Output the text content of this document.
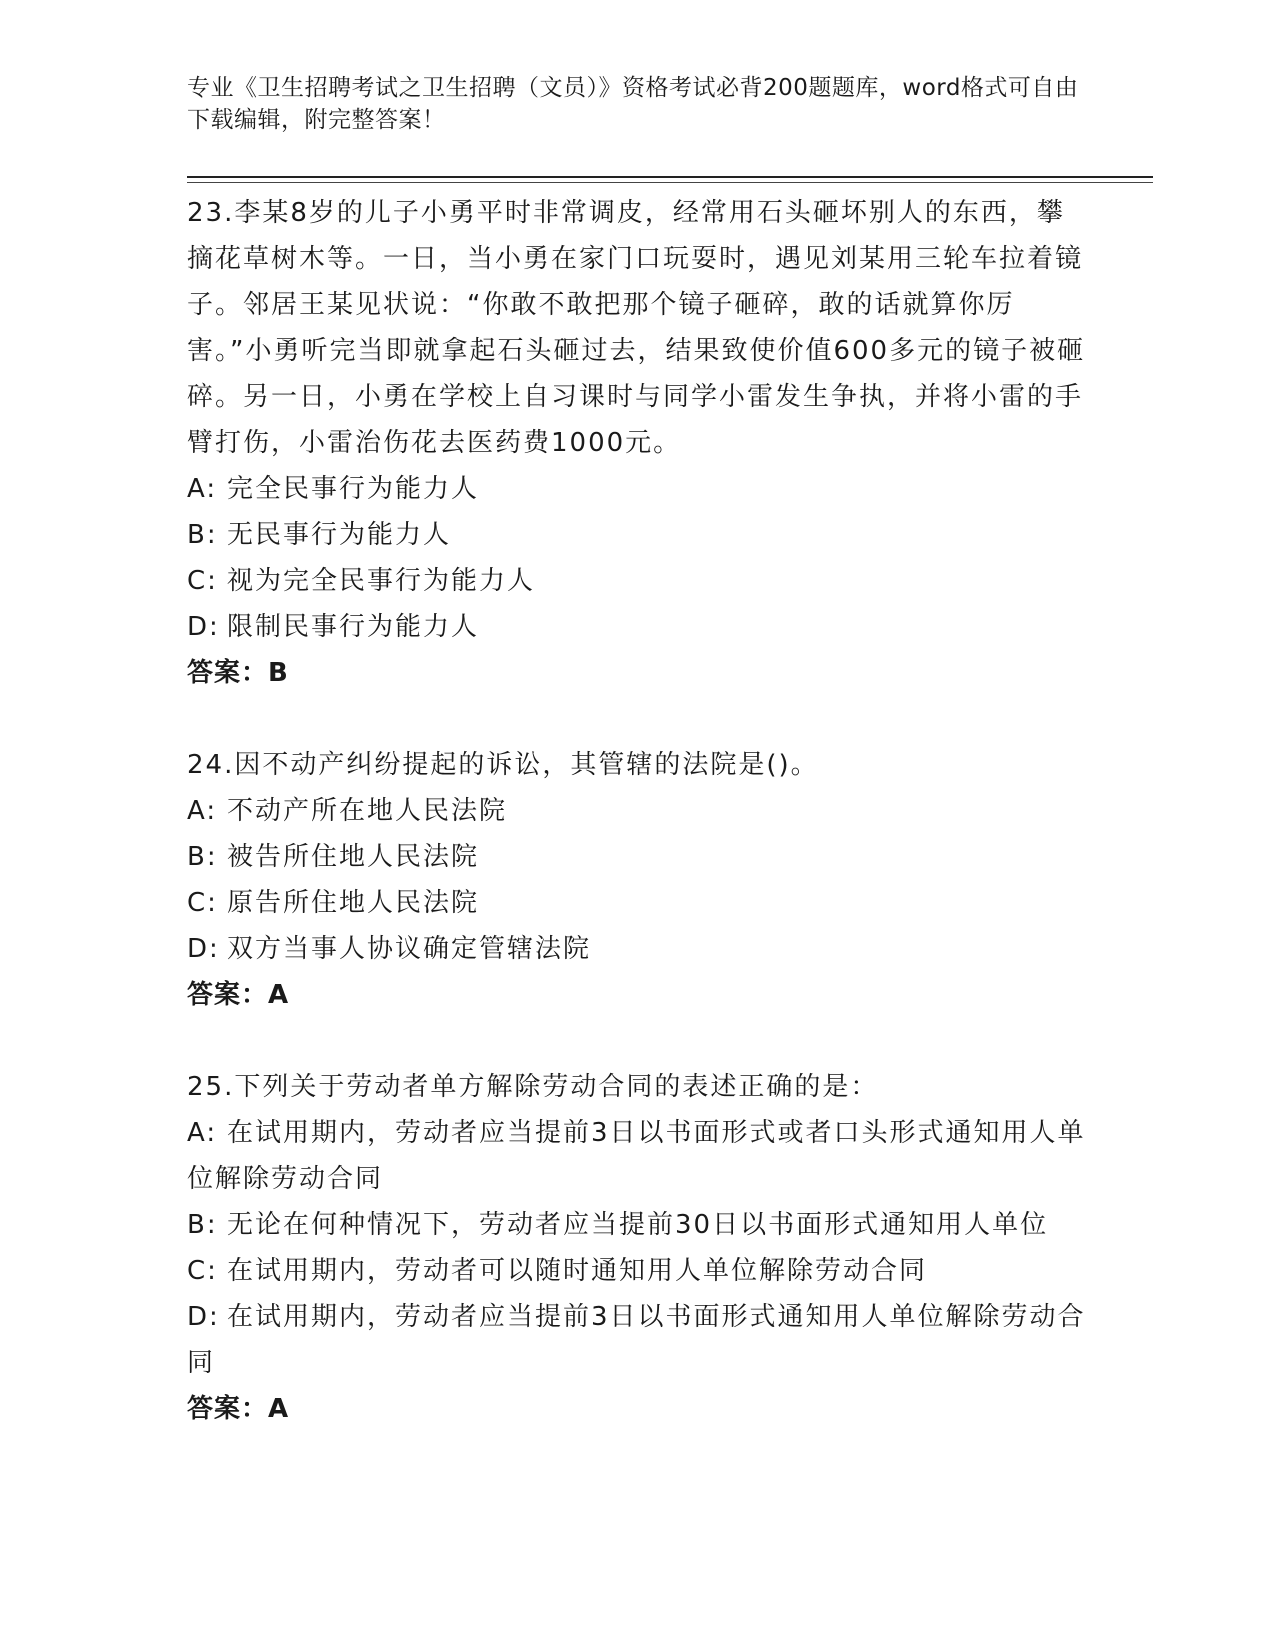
专业《卫生招聘考试之卫生招聘（文员）》资格考试必背200题题库，word格式可自由下载编辑，附完整答案！

23.李某8岁的儿子小勇平时非常调皮，经常用石头砸坏别人的东西，攀摘花草树木等。一日，当小勇在家门口玩耍时，遇见刘某用三轮车拉着镜子。邻居王某见状说：“你敢不敢把那个镜子砸碎，敢的话就算你厉害。”小勇听完当即就拿起石头砸过去，结果致使价值600多元的镜子被砸碎。另一日，小勇在学校上自习课时与同学小雷发生争执，并将小雷的手臂打伤，小雷治伤花去医药费1000元。

A: 完全民事行为能力人

B: 无民事行为能力人

C: 视为完全民事行为能力人

D: 限制民事行为能力人

答案：B

24.因不动产纠纷提起的诉讼，其管辖的法院是()。

A: 不动产所在地人民法院

B: 被告所住地人民法院

C: 原告所住地人民法院

D: 双方当事人协议确定管辖法院

答案：A

25.下列关于劳动者单方解除劳动合同的表述正确的是：

A: 在试用期内，劳动者应当提前3日以书面形式或者口头形式通知用人单位解除劳动合同

B: 无论在何种情况下，劳动者应当提前30日以书面形式通知用人单位

C: 在试用期内，劳动者可以随时通知用人单位解除劳动合同

D: 在试用期内，劳动者应当提前3日以书面形式通知用人单位解除劳动合同

答案：A
